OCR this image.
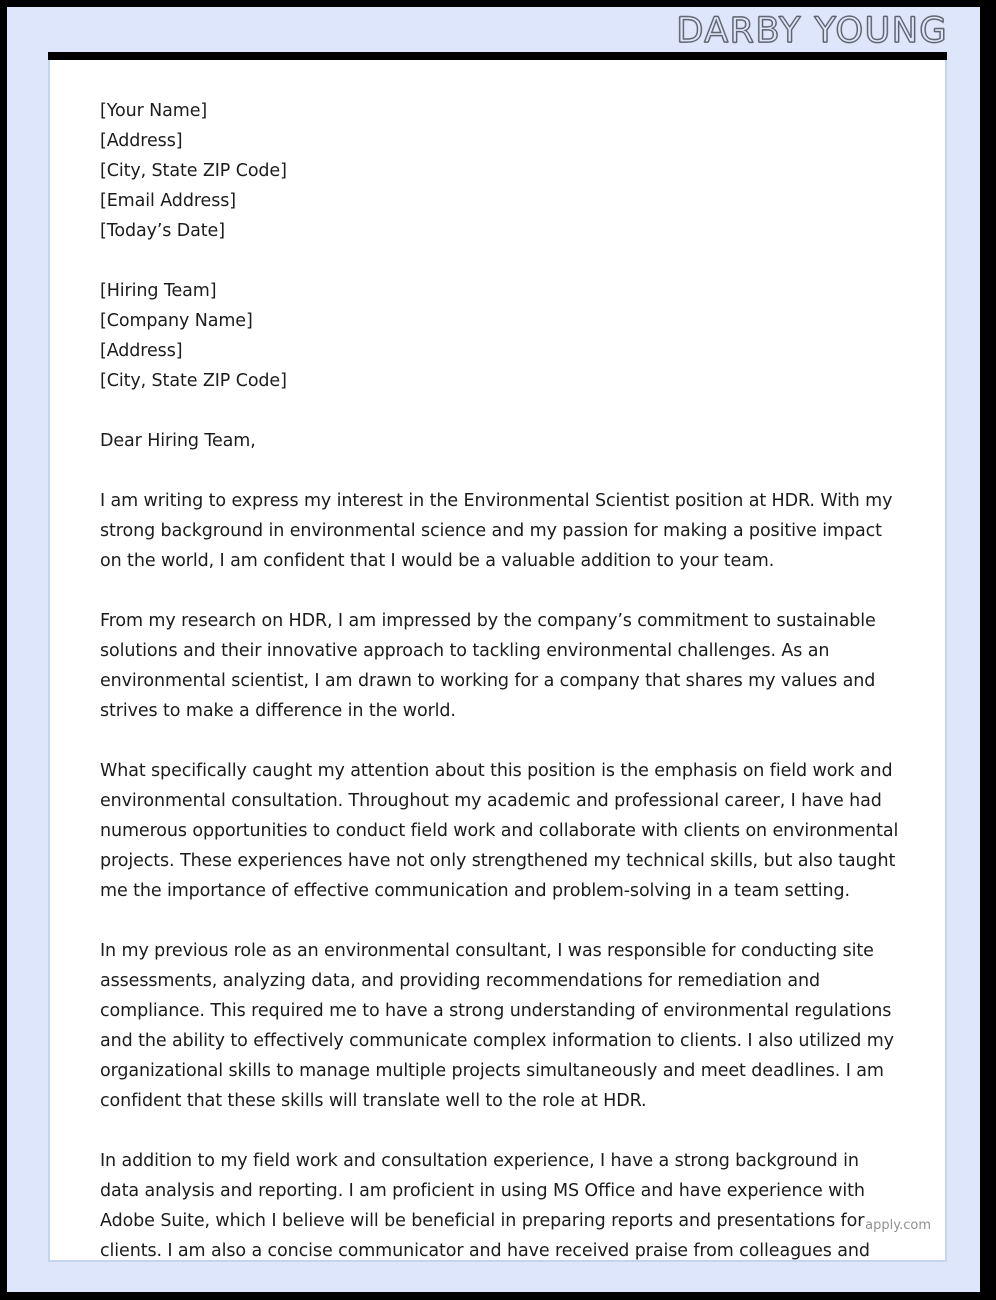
DARBY YOUNG
[Your Name]
[Address]
[City, State ZIP Code]
[Email Address]
[Today’s Date]
[Hiring Team]
[Company Name]
[Address]
[City, State ZIP Code]

Dear Hiring Team,

I am writing to express my interest in the Environmental Scientist position at HDR. With my strong background in environmental science and my passion for making a positive impact on the world, I am confident that I would be a valuable addition to your team.

From my research on HDR, I am impressed by the company’s commitment to sustainable solutions and their innovative approach to tackling environmental challenges. As an environmental scientist, I am drawn to working for a company that shares my values and strives to make a difference in the world.

What specifically caught my attention about this position is the emphasis on field work and environmental consultation. Throughout my academic and professional career, I have had numerous opportunities to conduct field work and collaborate with clients on environmental projects. These experiences have not only strengthened my technical skills, but also taught me the importance of effective communication and problem-solving in a team setting.

In my previous role as an environmental consultant, I was responsible for conducting site assessments, analyzing data, and providing recommendations for remediation and compliance. This required me to have a strong understanding of environmental regulations and the ability to effectively communicate complex information to clients. I also utilized my organizational skills to manage multiple projects simultaneously and meet deadlines. I am confident that these skills will translate well to the role at HDR.

In addition to my field work and consultation experience, I have a strong background in data analysis and reporting. I am proficient in using MS Office and have experience with Adobe Suite, which I believe will be beneficial in preparing reports and presentations for clients. I am also a concise communicator and have received praise from colleagues and

apply.com
